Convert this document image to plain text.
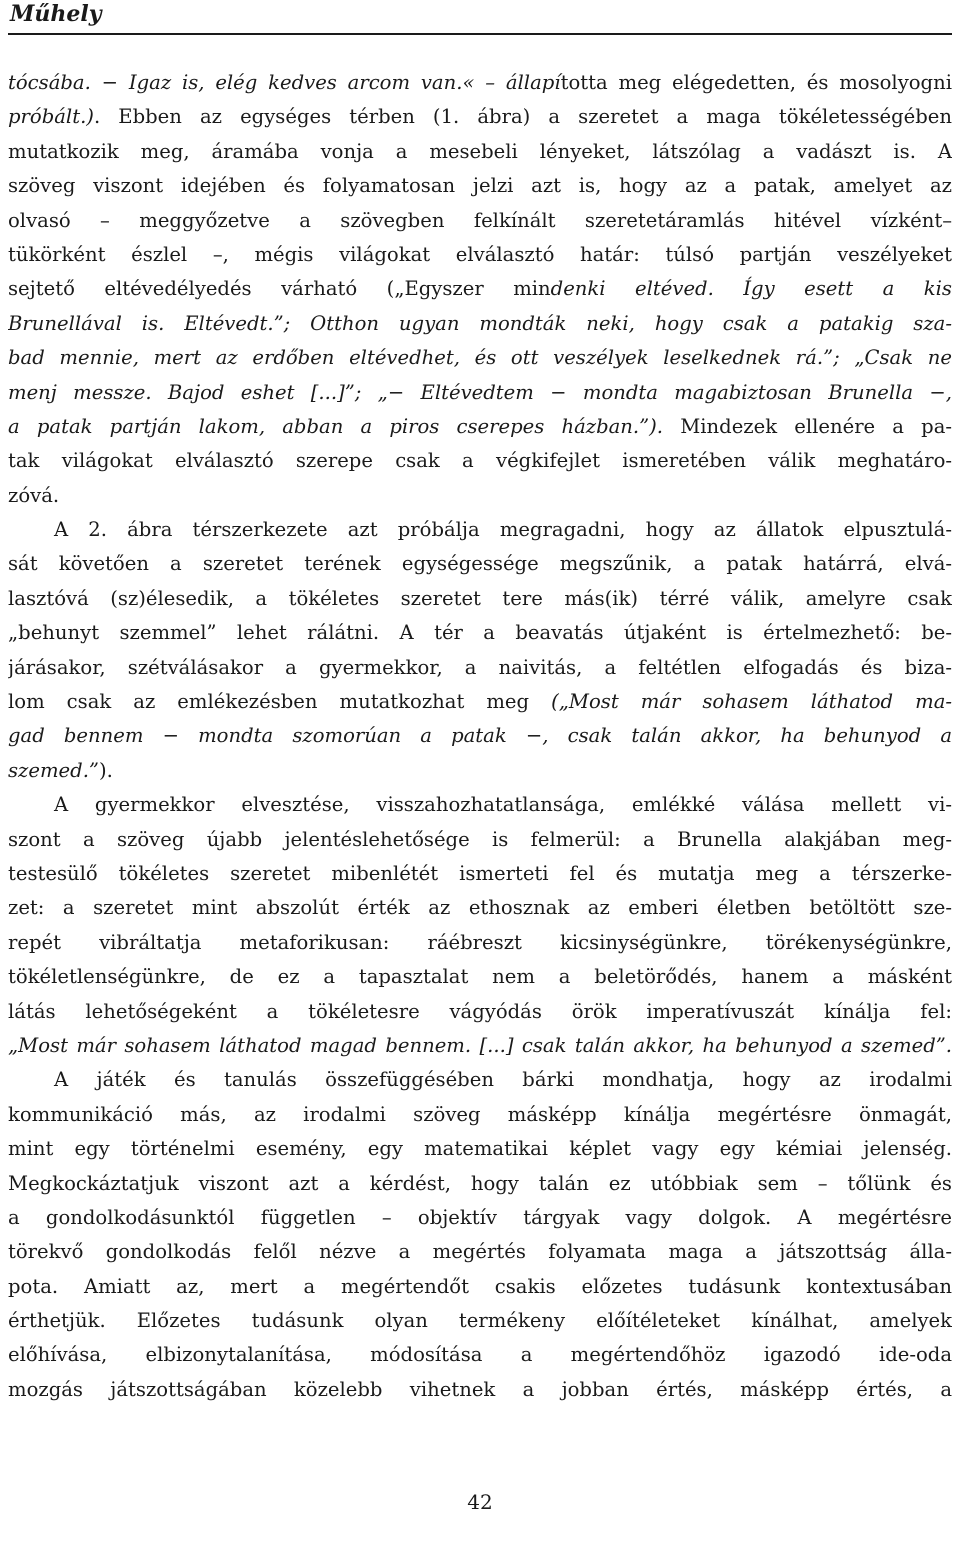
Műhely
tócsába. − Igaz is, elég kedves arcom van.« – állapította meg elégedetten, és mosolyogni
próbált.). Ebben az egységes térben (1. ábra) a szeretet a maga tökéletességében
mutatkozik meg, áramába vonja a mesebeli lényeket, látszólag a vadászt is. A
szöveg viszont idejében és folyamatosan jelzi azt is, hogy az a patak, amelyet az
olvasó – meggyőzetve a szövegben felkínált szeretetáramlás hitével vízként–
tükörként észlel –, mégis világokat elválasztó határ: túlsó partján veszélyeket
sejtető eltévedélyedés várható („Egyszer mindenki eltéved. Így esett a kis
Brunellával is. Eltévedt.”; Otthon ugyan mondták neki, hogy csak a patakig sza-
bad mennie, mert az erdőben eltévedhet, és ott veszélyek leselkednek rá.”; „Csak ne
menj messze. Bajod eshet [...]”; „− Eltévedtem − mondta magabiztosan Brunella −,
a patak partján lakom, abban a piros cserepes házban.”). Mindezek ellenére a pa-
tak világokat elválasztó szerepe csak a végkifejlet ismeretében válik meghatáro-
zóvá.
A 2. ábra térszerkezete azt próbálja megragadni, hogy az állatok elpusztulá-
sát követően a szeretet terének egységessége megszűnik, a patak határrá, elvá-
lasztóvá (sz)élesedik, a tökéletes szeretet tere más(ik) térré válik, amelyre csak
„behunyt szemmel” lehet rálátni. A tér a beavatás útjaként is értelmezhető: be-
járásakor, szétválásakor a gyermekkor, a naivitás, a feltétlen elfogadás és biza-
lom csak az emlékezésben mutatkozhat meg („Most már sohasem láthatod ma-
gad bennem − mondta szomorúan a patak −, csak talán akkor, ha behunyod a
szemed.”).
A gyermekkor elvesztése, visszahozhatatlansága, emlékké válása mellett vi-
szont a szöveg újabb jelentéslehetősége is felmerül: a Brunella alakjában meg-
testesülő tökéletes szeretet mibenlétét ismerteti fel és mutatja meg a térszerke-
zet: a szeretet mint abszolút érték az ethosznak az emberi életben betöltött sze-
repét vibráltatja metaforikusan: ráébreszt kicsinységünkre, törékenységünkre,
tökéletlenségünkre, de ez a tapasztalat nem a beletörődés, hanem a másként
látás lehetőségeként a tökéletesre vágyódás örök imperatívuszát kínálja fel:
„Most már sohasem láthatod magad bennem. [...] csak talán akkor, ha behunyod a szemed”.
A játék és tanulás összefüggésében bárki mondhatja, hogy az irodalmi
kommunikáció más, az irodalmi szöveg másképp kínálja megértésre önmagát,
mint egy történelmi esemény, egy matematikai képlet vagy egy kémiai jelenség.
Megkockáztatjuk viszont azt a kérdést, hogy talán ez utóbbiak sem – tőlünk és
a gondolkodásunktól független – objektív tárgyak vagy dolgok. A megértésre
törekvő gondolkodás felől nézve a megértés folyamata maga a játszottság álla-
pota. Amiatt az, mert a megértendőt csakis előzetes tudásunk kontextusában
érthetjük. Előzetes tudásunk olyan termékeny előítéleteket kínálhat, amelyek
előhívása, elbizonytalanítása, módosítása a megértendőhöz igazodó ide-oda
mozgás játszottságában közelebb vihetnek a jobban értés, másképp értés, a
42
